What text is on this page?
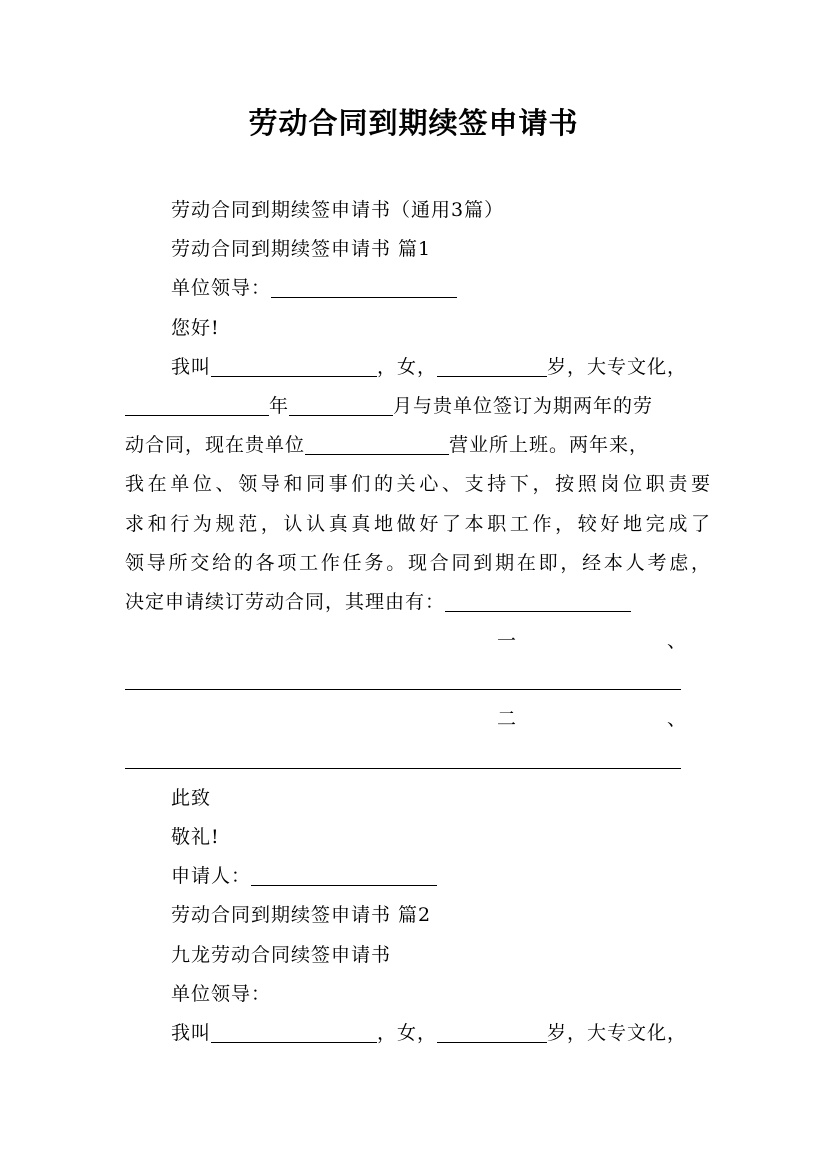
劳动合同到期续签申请书
劳动合同到期续签申请书（通用3篇）
劳动合同到期续签申请书 篇1
单位领导：
您好!
我叫	，女，	岁，大专文化，
年	月与贵单位签订为期两年的劳
动合同，现在贵单位	营业所上班。两年来，
我在单位、领导和同事们的关心、支持下，按照岗位职责要
求和行为规范，认认真真地做好了本职工作，较好地完成了
领导所交给的各项工作任务。现合同到期在即，经本人考虑，
决定申请续订劳动合同，其理由有：
一	、
二	、
此致
敬礼!
申请人：
劳动合同到期续签申请书 篇2
九龙劳动合同续签申请书
单位领导：
我叫	，女，	岁，大专文化，
